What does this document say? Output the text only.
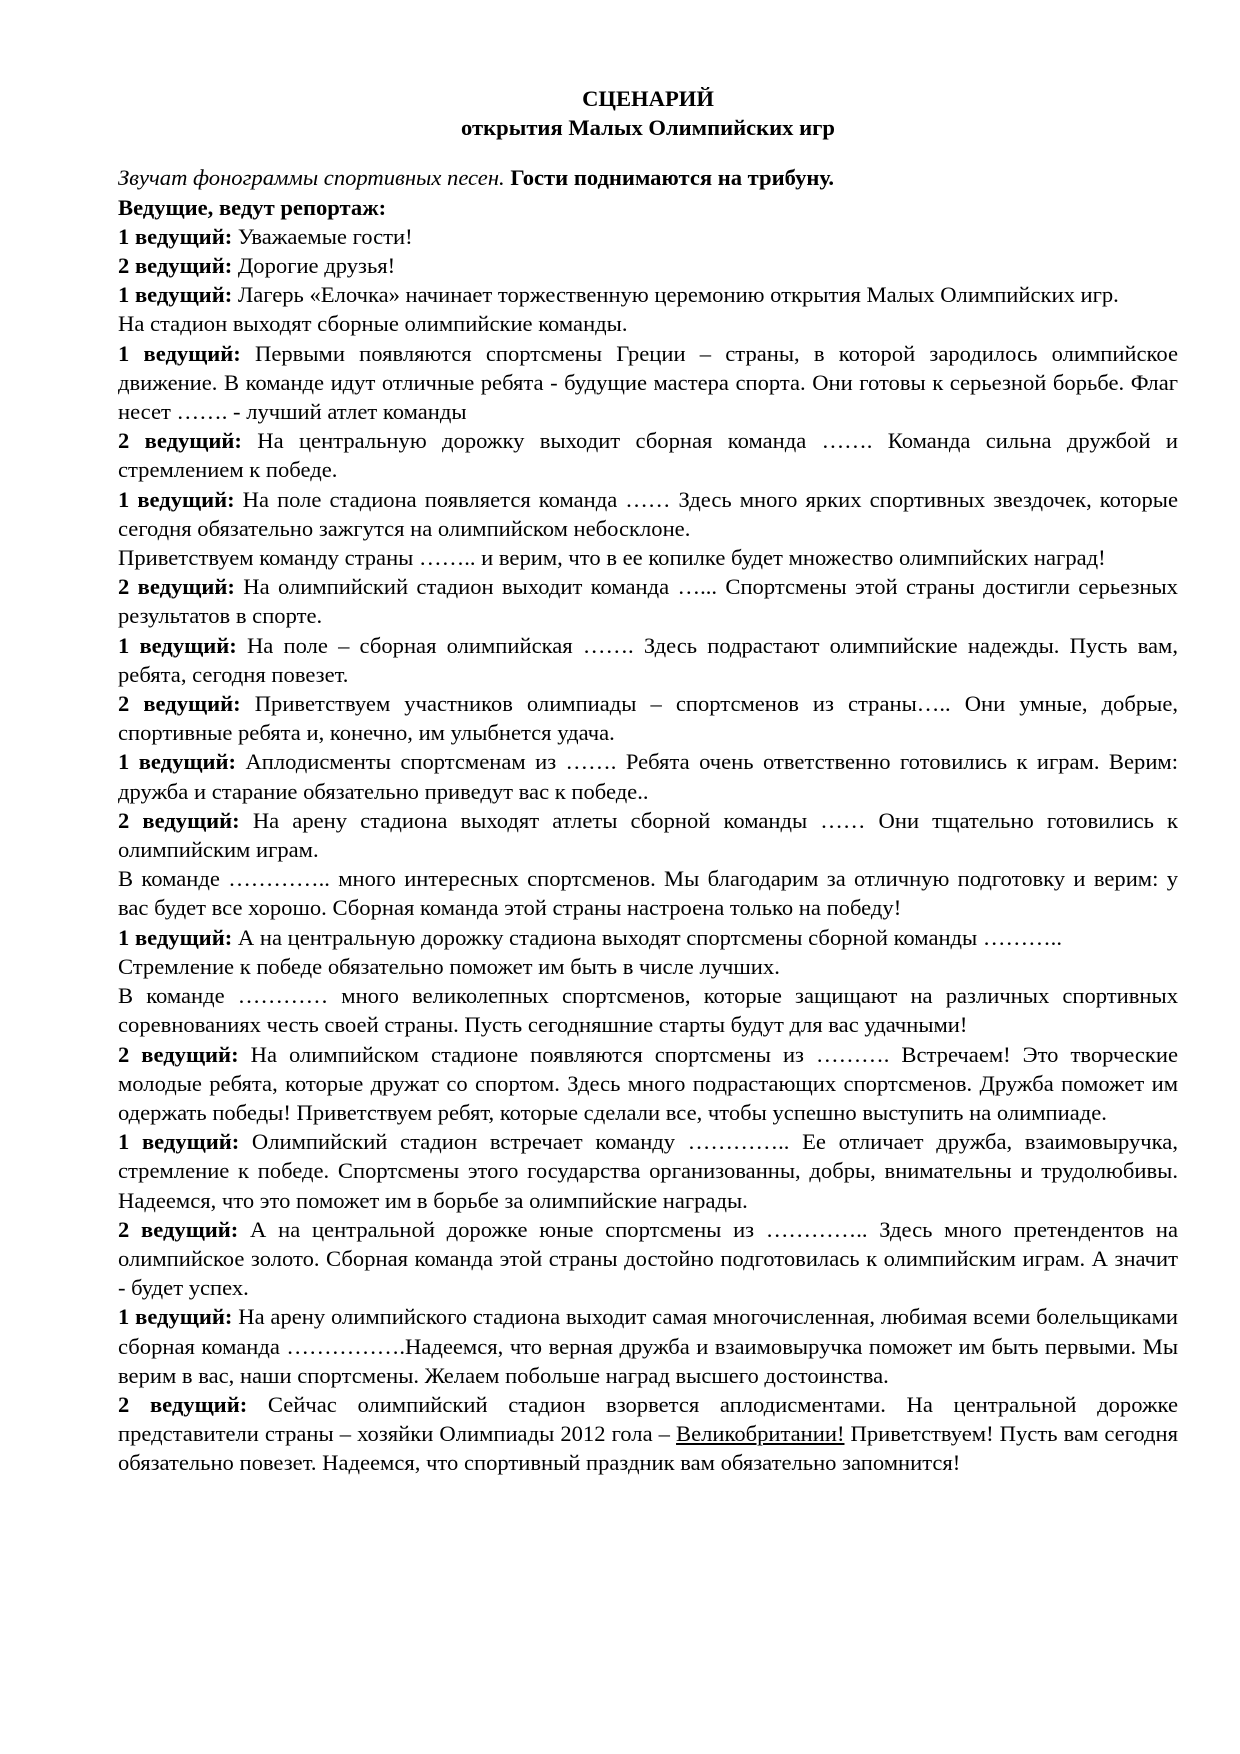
СЦЕНАРИЙ

открытия Малых Олимпийских игр

Звучат фонограммы спортивных песен. Гости поднимаются на трибуну.

Ведущие, ведут репортаж:

1 ведущий: Уважаемые гости!

2 ведущий: Дорогие друзья!

1 ведущий: Лагерь «Елочка» начинает торжественную церемонию открытия Малых Олимпийских игр.

На стадион выходят сборные олимпийские команды.

1 ведущий: Первыми появляются спортсмены Греции – страны, в которой зародилось олимпийское движение. В команде идут отличные ребята - будущие мастера спорта. Они готовы к серьезной борьбе. Флаг несет ……. - лучший атлет команды

2 ведущий: На центральную дорожку выходит сборная команда ……. Команда сильна дружбой и стремлением к победе.

1 ведущий: На поле стадиона появляется команда …… Здесь много ярких спортивных звездочек, которые сегодня обязательно зажгутся на олимпийском небосклоне.

Приветствуем команду страны …….. и верим, что в ее копилке будет множество олимпийских наград!

2 ведущий: На олимпийский стадион выходит команда …... Спортсмены этой страны достигли серьезных результатов в спорте.

1 ведущий: На поле – сборная олимпийская ……. Здесь подрастают олимпийские надежды. Пусть вам, ребята, сегодня повезет.

2 ведущий: Приветствуем участников олимпиады – спортсменов из страны….. Они умные, добрые, спортивные ребята и, конечно, им улыбнется удача.

1 ведущий: Аплодисменты спортсменам из ……. Ребята очень ответственно готовились к играм. Верим: дружба и старание обязательно приведут вас к победе..

2 ведущий: На арену стадиона выходят атлеты сборной команды …… Они тщательно готовились к олимпийским играм.

В команде ………….. много интересных спортсменов. Мы благодарим за отличную подготовку и верим: у вас будет все хорошо. Сборная команда этой страны настроена только на победу!

1 ведущий: А на центральную дорожку стадиона выходят спортсмены сборной команды ………..

Стремление к победе обязательно поможет им быть в числе лучших.

В команде ………… много великолепных спортсменов, которые защищают на различных спортивных соревнованиях честь своей страны. Пусть сегодняшние старты будут для вас удачными!

2 ведущий: На олимпийском стадионе появляются спортсмены из ………. Встречаем! Это творческие молодые ребята, которые дружат со спортом. Здесь много подрастающих спортсменов. Дружба поможет им одержать победы! Приветствуем ребят, которые сделали все, чтобы успешно выступить на олимпиаде.

1 ведущий: Олимпийский стадион встречает команду ………….. Ее отличает дружба, взаимовыручка, стремление к победе. Спортсмены этого государства организованны, добры, внимательны и трудолюбивы. Надеемся, что это поможет им в борьбе за олимпийские награды.

2 ведущий: А на центральной дорожке юные спортсмены из ………….. Здесь много претендентов на олимпийское золото. Сборная команда этой страны достойно подготовилась к олимпийским играм. А значит - будет успех.

1 ведущий: На арену олимпийского стадиона выходит самая многочисленная, любимая всеми болельщиками сборная команда …………….Надеемся, что верная дружба и взаимовыручка поможет им быть первыми. Мы верим в вас, наши спортсмены. Желаем побольше наград высшего достоинства.

2 ведущий: Сейчас олимпийский стадион взорвется аплодисментами. На центральной дорожке представители страны – хозяйки Олимпиады 2012 гола – Великобритании! Приветствуем! Пусть вам сегодня обязательно повезет. Надеемся, что спортивный праздник вам обязательно запомнится!
